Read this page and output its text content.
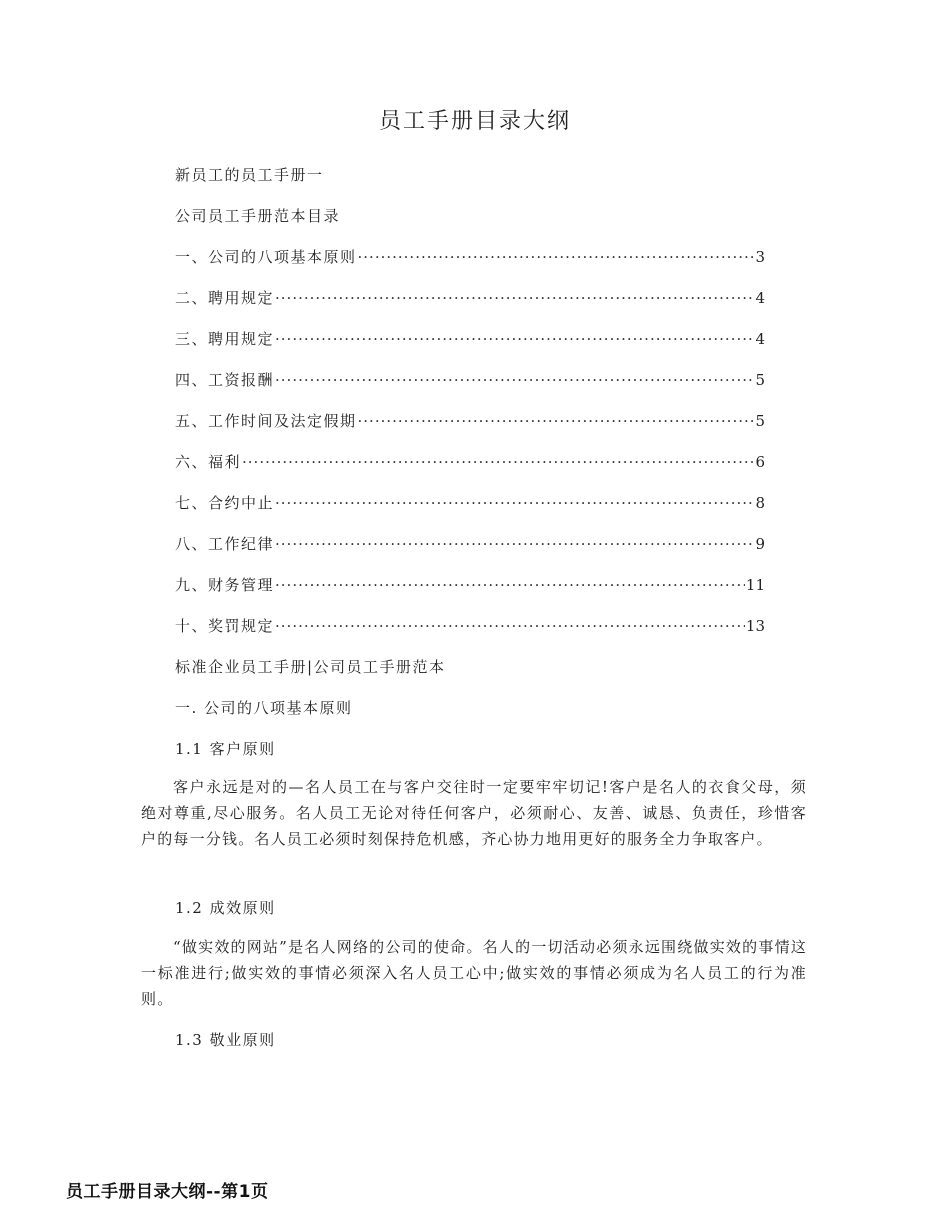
员工手册目录大纲
新员工的员工手册一
公司员工手册范本目录
一、公司的八项基本原则 ·····	3
二、聘用规定 ·····	4
三、聘用规定 ·····	4
四、工资报酬 ·····	5
五、工作时间及法定假期 ·····	5
六、福利 ·····	6
七、合约中止 ·····	8
八、工作纪律 ·····	9
九、财务管理 ·····	11
十、奖罚规定 ·····	13
标准企业员工手册|公司员工手册范本
一. 公司的八项基本原则
1.1 客户原则
客户永远是对的—名人员工在与客户交往时一定要牢牢切记!客户是名人的衣食父母，须绝对尊重,尽心服务。名人员工无论对待任何客户，必须耐心、友善、诚恳、负责任，珍惜客户的每一分钱。名人员工必须时刻保持危机感，齐心协力地用更好的服务全力争取客户。
1.2 成效原则
“做实效的网站”是名人网络的公司的使命。名人的一切活动必须永远围绕做实效的事情这一标准进行;做实效的事情必须深入名人员工心中;做实效的事情必须成为名人员工的行为准则。
1.3 敬业原则
员工手册目录大纲--第1页
